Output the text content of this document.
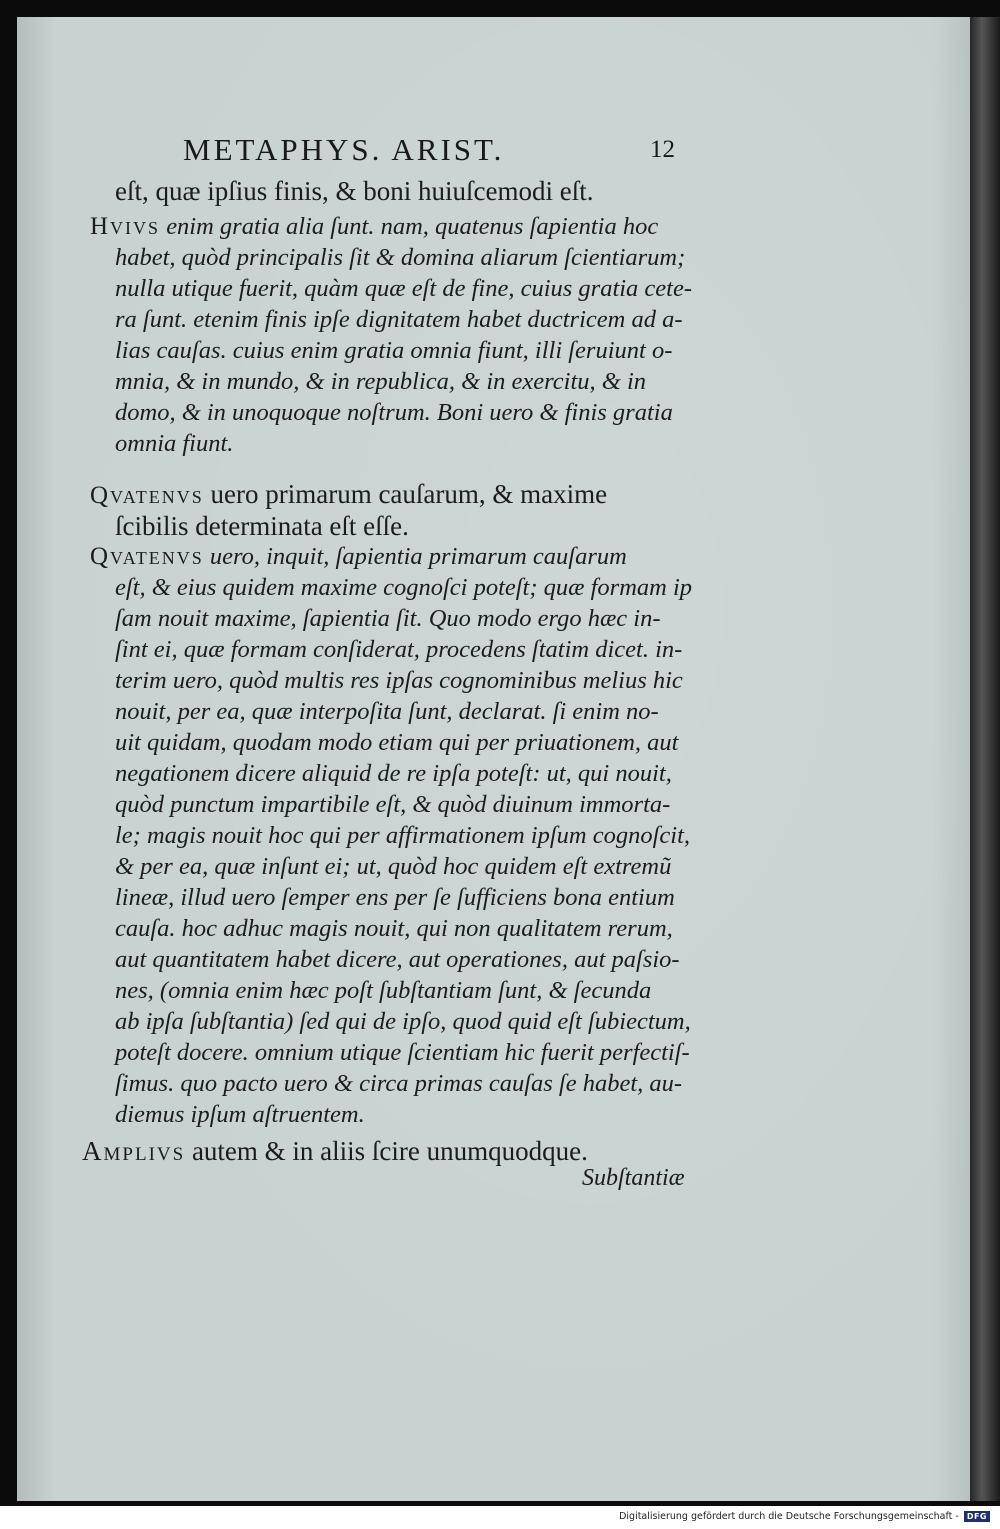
METAPHYS. ARIST.	12

eſt, quæ ipſius finis, & boni huiuſcemodi eſt.

Hvivs enim gratia alia ſunt. nam, quatenus ſapientia hoc
habet, quòd principalis ſit & domina aliarum ſcientiarum;
nulla utique fuerit, quàm quæ eſt de fine, cuius gratia cete-
ra ſunt. etenim finis ipſe dignitatem habet ductricem ad a-
lias cauſas. cuius enim gratia omnia fiunt, illi ſeruiunt o-
mnia, & in mundo, & in republica, & in exercitu, & in
domo, & in unoquoque noſtrum. Boni uero & finis gratia
omnia fiunt.

Qvatenvs uero primarum cauſarum, & maxime
ſcibilis determinata eſt eſſe.

Qvatenvs uero, inquit, ſapientia primarum cauſarum
eſt, & eius quidem maxime cognoſci poteſt; quæ formam ip
ſam nouit maxime, ſapientia ſit. Quo modo ergo hæc in-
ſint ei, quæ formam conſiderat, procedens ſtatim dicet. in-
terim uero, quòd multis res ipſas cognominibus melius hic
nouit, per ea, quæ interpoſita ſunt, declarat. ſi enim no-
uit quidam, quodam modo etiam qui per priuationem, aut
negationem dicere aliquid de re ipſa poteſt: ut, qui nouit,
quòd punctum impartibile eſt, & quòd diuinum immorta-
le; magis nouit hoc qui per affirmationem ipſum cognoſcit,
& per ea, quæ inſunt ei; ut, quòd hoc quidem eſt extremũ
lineæ, illud uero ſemper ens per ſe ſufficiens bona entium
cauſa. hoc adhuc magis nouit, qui non qualitatem rerum,
aut quantitatem habet dicere, aut operationes, aut paſsio-
nes, (omnia enim hæc poſt ſubſtantiam ſunt, & ſecunda
ab ipſa ſubſtantia) ſed qui de ipſo, quod quid eſt ſubiectum,
poteſt docere. omnium utique ſcientiam hic fuerit perfectiſ-
ſimus. quo pacto uero & circa primas cauſas ſe habet, au-
diemus ipſum aſtruentem.

Amplivs autem & in aliis ſcire unumquodque.

Subſtantiæ
Digitalisierung gefördert durch die Deutsche Forschungsgemeinschaft -	DFG
